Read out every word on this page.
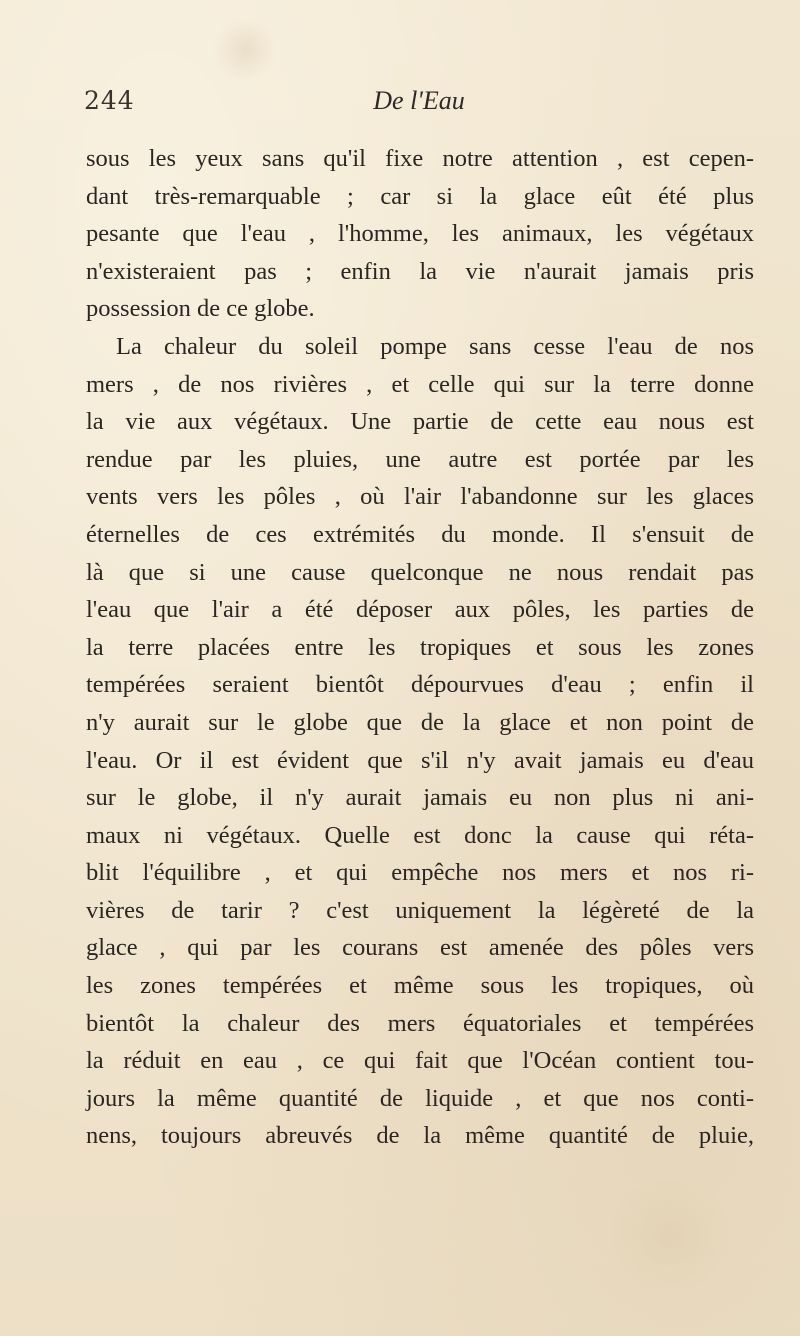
244	De l'Eau
sous les yeux sans qu'il fixe notre attention , est cepen-
dant très-remarquable ; car si la glace eût été plus
pesante que l'eau , l'homme, les animaux, les végétaux
n'existeraient pas ; enfin la vie n'aurait jamais pris
possession de ce globe.
La chaleur du soleil pompe sans cesse l'eau de nos
mers , de nos rivières , et celle qui sur la terre donne
la vie aux végétaux. Une partie de cette eau nous est
rendue par les pluies, une autre est portée par les
vents vers les pôles , où l'air l'abandonne sur les glaces
éternelles de ces extrémités du monde. Il s'ensuit de
là que si une cause quelconque ne nous rendait pas
l'eau que l'air a été déposer aux pôles, les parties de
la terre placées entre les tropiques et sous les zones
tempérées seraient bientôt dépourvues d'eau ; enfin il
n'y aurait sur le globe que de la glace et non point de
l'eau. Or il est évident que s'il n'y avait jamais eu d'eau
sur le globe, il n'y aurait jamais eu non plus ni ani-
maux ni végétaux. Quelle est donc la cause qui réta-
blit l'équilibre , et qui empêche nos mers et nos ri-
vières de tarir ? c'est uniquement la légèreté de la
glace , qui par les courans est amenée des pôles vers
les zones tempérées et même sous les tropiques, où
bientôt la chaleur des mers équatoriales et tempérées
la réduit en eau , ce qui fait que l'Océan contient tou-
jours la même quantité de liquide , et que nos conti-
nens, toujours abreuvés de la même quantité de pluie,
